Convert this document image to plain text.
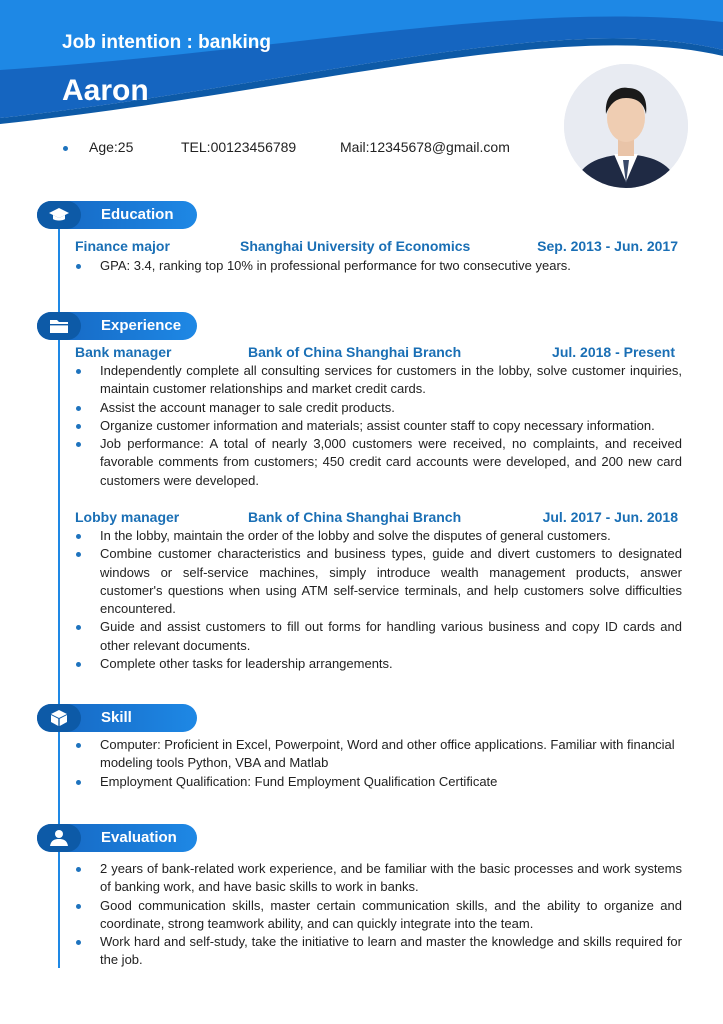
Job intention : banking
Aaron
Age:25	TEL:00123456789	Mail:12345678@gmail.com
Education
Finance major	Shanghai University of Economics	Sep. 2013 - Jun. 2017
GPA: 3.4, ranking top 10% in professional performance for two consecutive years.
Experience
Bank manager	Bank of China Shanghai Branch	Jul. 2018 - Present
Independently complete all consulting services for customers in the lobby, solve customer inquiries, maintain customer relationships and market credit cards.
Assist the account manager to sale credit products.
Organize customer information and materials; assist counter staff to copy necessary information.
Job performance: A total of nearly 3,000 customers were received, no complaints, and received favorable comments from customers; 450 credit card accounts were developed, and 200 new card customers were developed.
Lobby manager	Bank of China Shanghai Branch	Jul. 2017 - Jun. 2018
In the lobby, maintain the order of the lobby and solve the disputes of general customers.
Combine customer characteristics and business types, guide and divert customers to designated windows or self-service machines, simply introduce wealth management products, answer customer's questions when using ATM self-service terminals, and help customers solve difficulties encountered.
Guide and assist customers to fill out forms for handling various business and copy ID cards and other relevant documents.
Complete other tasks for leadership arrangements.
Skill
Computer: Proficient in Excel, Powerpoint, Word and other office applications. Familiar with financial modeling tools Python, VBA and Matlab
Employment Qualification: Fund Employment Qualification Certificate
Evaluation
2 years of bank-related work experience, and be familiar with the basic processes and work systems of banking work, and have basic skills to work in banks.
Good communication skills, master certain communication skills, and the ability to organize and coordinate, strong teamwork ability, and can quickly integrate into the team.
Work hard and self-study, take the initiative to learn and master the knowledge and skills required for the job.
